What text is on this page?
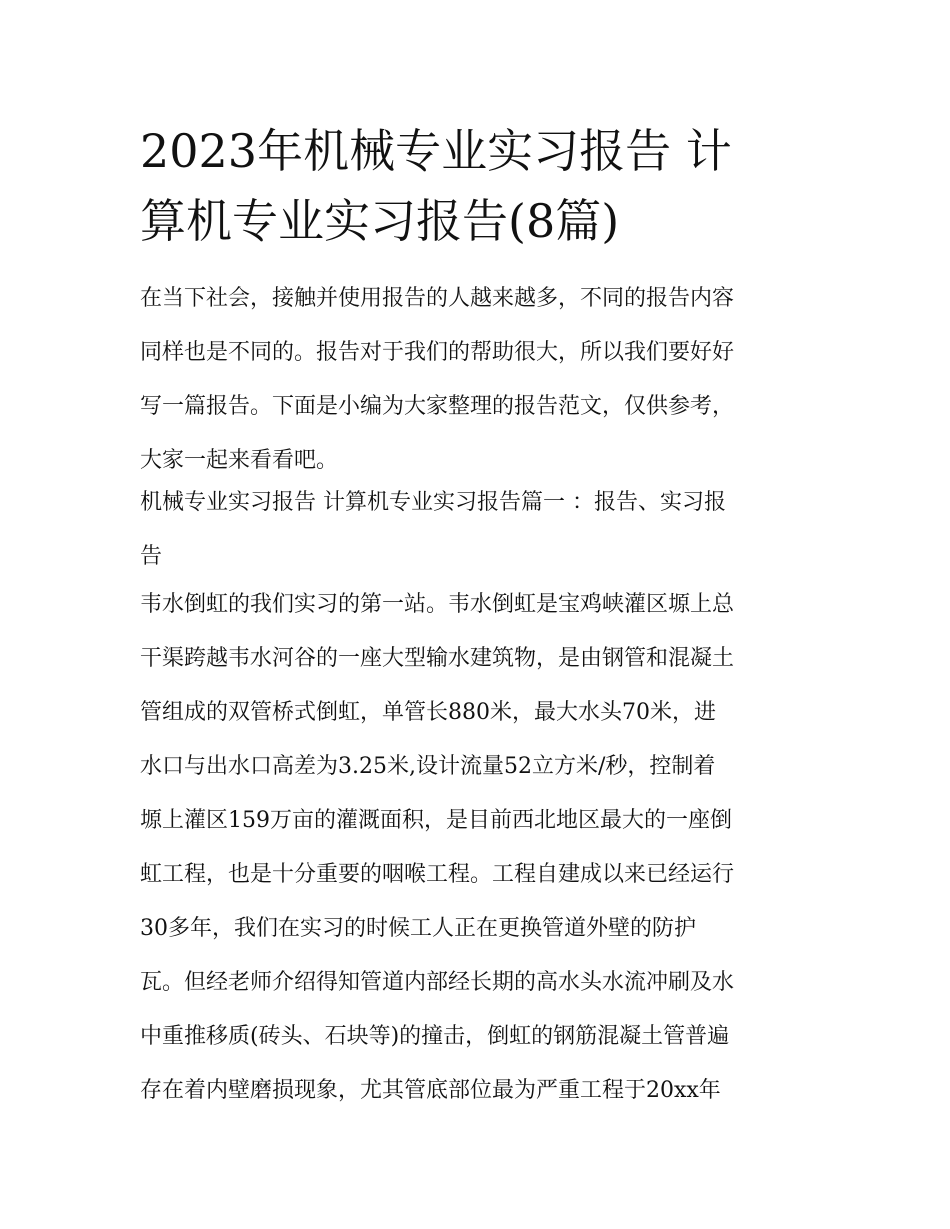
2023年机械专业实习报告 计
算机专业实习报告(8篇)
在当下社会，接触并使用报告的人越来越多，不同的报告内容
同样也是不同的。报告对于我们的帮助很大，所以我们要好好
写一篇报告。下面是小编为大家整理的报告范文，仅供参考，
大家一起来看看吧。
机械专业实习报告 计算机专业实习报告篇一 ：报告、实习报
告
韦水倒虹的我们实习的第一站。韦水倒虹是宝鸡峡灌区塬上总
干渠跨越韦水河谷的一座大型输水建筑物，是由钢管和混凝土
管组成的双管桥式倒虹，单管长880米，最大水头70米，进
水口与出水口高差为3.25米,设计流量52立方米/秒，控制着
塬上灌区159万亩的灌溉面积，是目前西北地区最大的一座倒
虹工程，也是十分重要的咽喉工程。工程自建成以来已经运行
30多年，我们在实习的时候工人正在更换管道外壁的防护
瓦。但经老师介绍得知管道内部经长期的高水头水流冲刷及水
中重推移质(砖头、石块等)的撞击，倒虹的钢筋混凝土管普遍
存在着内壁磨损现象，尤其管底部位最为严重工程于20xx年
